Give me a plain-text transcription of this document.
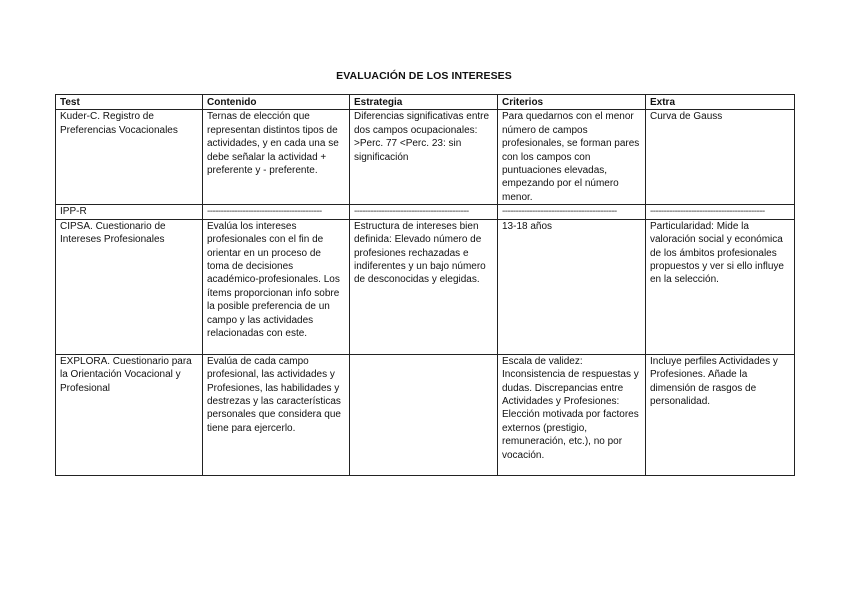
EVALUACIÓN DE LOS INTERESES
Test	Contenido	Estrategia	Criterios	Extra
Kuder-C. Registro de Preferencias Vocacionales	Ternas de elección que representan distintos tipos de actividades, y en cada una se debe señalar la actividad + preferente y - preferente.	Diferencias significativas entre dos campos ocupacionales: >Perc. 77 <Perc. 23: sin significación	Para quedarnos con el menor número de campos profesionales, se forman pares con los campos con puntuaciones elevadas, empezando por el número menor.	Curva de Gauss
IPP-R	------------------------------------------	------------------------------------------	------------------------------------------	------------------------------------------
CIPSA. Cuestionario de Intereses Profesionales	Evalúa los intereses profesionales con el fin de orientar en un proceso de toma de decisiones académico-profesionales. Los ítems proporcionan info sobre la posible preferencia de un campo y las actividades relacionadas con este.	Estructura de intereses bien definida: Elevado número de profesiones rechazadas e indiferentes y un bajo número de desconocidas y elegidas.	13-18 años	Particularidad: Mide la valoración social y económica de los ámbitos profesionales propuestos y ver si ello influye en la selección.
EXPLORA. Cuestionario para la Orientación Vocacional y Profesional	Evalúa de cada campo profesional, las actividades y Profesiones, las habilidades y destrezas y las características personales que considera que tiene para ejercerlo.		Escala de validez: Inconsistencia de respuestas y dudas. Discrepancias entre Actividades y Profesiones: Elección motivada por factores externos (prestigio, remuneración, etc.), no por vocación.	Incluye perfiles Actividades y Profesiones. Añade la dimensión de rasgos de personalidad.
